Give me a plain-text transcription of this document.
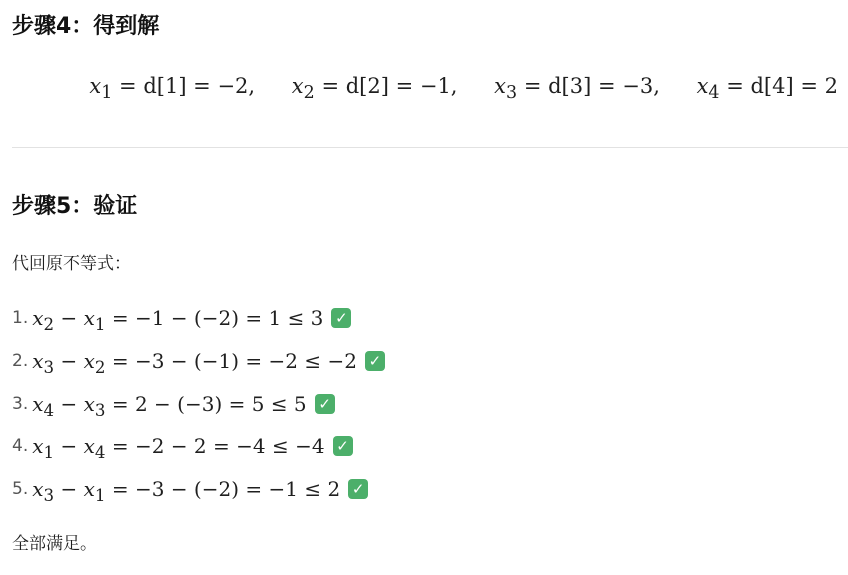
步骤4：得到解
$x_1 = d[1] = -2$, $x_2 = d[2] = -1$, $x_3 = d[3] = -3$, $x_4 = d[4] = 2$
步骤5：验证

代回原不等式：

1. $x_2 - x_1 = -1 - (-2) = 1 \le 3$ ✓
2. $x_3 - x_2 = -3 - (-1) = -2 \le -2$ ✓
3. $x_4 - x_3 = 2 - (-3) = 5 \le 5$ ✓
4. $x_1 - x_4 = -2 - 2 = -4 \le -4$ ✓
5. $x_3 - x_1 = -3 - (-2) = -1 \le 2$ ✓

全部满足。
